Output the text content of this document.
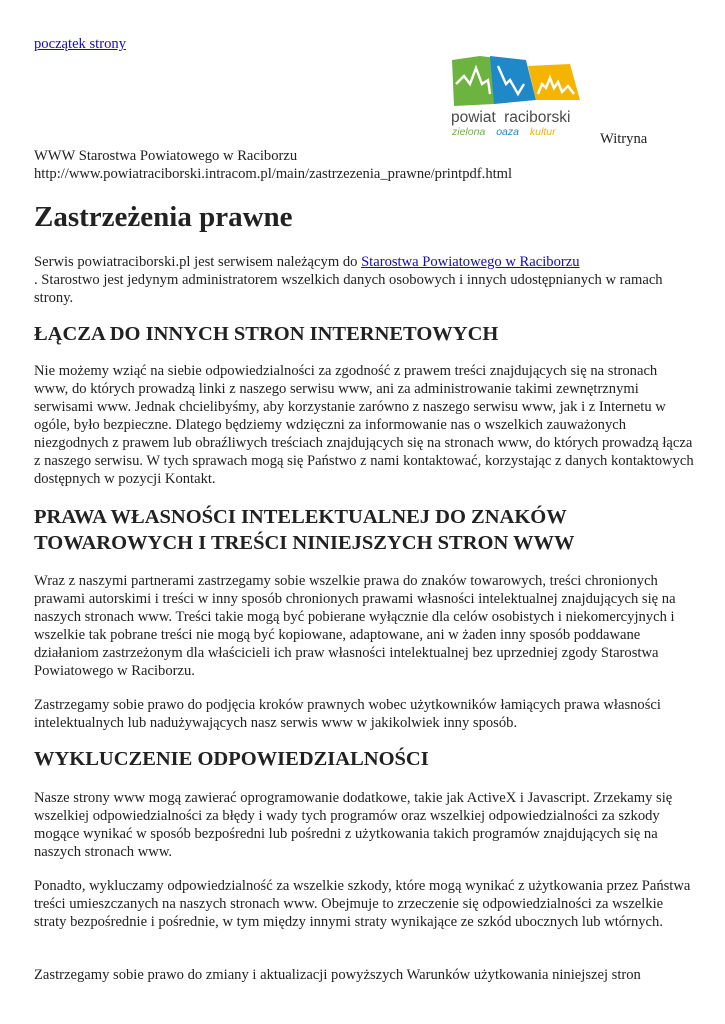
początek strony
powiat raciborski
zielona oaza kultur	Witryna
WWW Starostwa Powiatowego w Raciborzu
http://www.powiatraciborski.intracom.pl/main/zastrzezenia_prawne/printpdf.html
Zastrzeżenia prawne

Serwis powiatraciborski.pl jest serwisem należącym do Starostwa Powiatowego w Raciborzu
. Starostwo jest jedynym administratorem wszelkich danych osobowych i innych udostępnianych w ramach strony.

ŁĄCZA DO INNYCH STRON INTERNETOWYCH

Nie możemy wziąć na siebie odpowiedzialności za zgodność z prawem treści znajdujących się na stronach www, do których prowadzą linki z naszego serwisu www, ani za administrowanie takimi zewnętrznymi serwisami www. Jednak chcielibyśmy, aby korzystanie zarówno z naszego serwisu www, jak i z Internetu w ogóle, było bezpieczne. Dlatego będziemy wdzięczni za informowanie nas o wszelkich zauważonych niezgodnych z prawem lub obraźliwych treściach znajdujących się na stronach www, do których prowadzą łącza z naszego serwisu. W tych sprawach mogą się Państwo z nami kontaktować, korzystając z danych kontaktowych dostępnych w pozycji Kontakt.

PRAWA WŁASNOŚCI INTELEKTUALNEJ DO ZNAKÓW TOWAROWYCH I TREŚCI NINIEJSZYCH STRON WWW

Wraz z naszymi partnerami zastrzegamy sobie wszelkie prawa do znaków towarowych, treści chronionych prawami autorskimi i treści w inny sposób chronionych prawami własności intelektualnej znajdujących się na naszych stronach www. Treści takie mogą być pobierane wyłącznie dla celów osobistych i niekomercyjnych i wszelkie tak pobrane treści nie mogą być kopiowane, adaptowane, ani w żaden inny sposób poddawane działaniom zastrzeżonym dla właścicieli ich praw własności intelektualnej bez uprzedniej zgody Starostwa Powiatowego w Raciborzu.

Zastrzegamy sobie prawo do podjęcia kroków prawnych wobec użytkowników łamiących prawa własności intelektualnych lub nadużywających nasz serwis www w jakikolwiek inny sposób.

WYKLUCZENIE ODPOWIEDZIALNOŚCI

Nasze strony www mogą zawierać oprogramowanie dodatkowe, takie jak ActiveX i Javascript. Zrzekamy się wszelkiej odpowiedzialności za błędy i wady tych programów oraz wszelkiej odpowiedzialności za szkody mogące wynikać w sposób bezpośredni lub pośredni z użytkowania takich programów znajdujących się na naszych stronach www.

Ponadto, wykluczamy odpowiedzialność za wszelkie szkody, które mogą wynikać z użytkowania przez Państwa treści umieszczanych na naszych stronach www. Obejmuje to zrzeczenie się odpowiedzialności za wszelkie straty bezpośrednie i pośrednie, w tym między innymi straty wynikające ze szkód ubocznych lub wtórnych.

Zastrzegamy sobie prawo do zmiany i aktualizacji powyższych Warunków użytkowania niniejszej stron
